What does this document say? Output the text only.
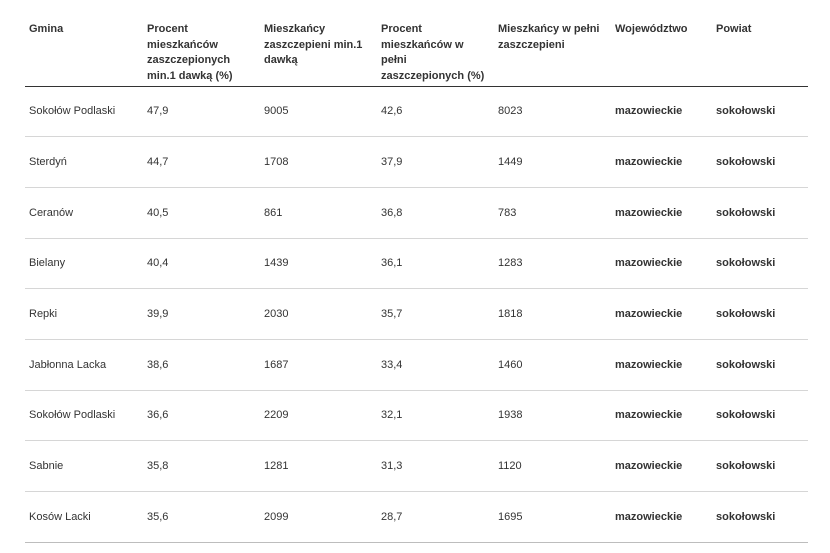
Gmina	Procent mieszkańców zaszczepionych min.1 dawką (%)	Mieszkańcy zaszczepieni min.1 dawką	Procent mieszkańców w pełni zaszczepionych (%)	Mieszkańcy w pełni zaszczepieni	Województwo	Powiat
Sokołów Podlaski	47,9	9005	42,6	8023	mazowieckie	sokołowski
Sterdyń	44,7	1708	37,9	1449	mazowieckie	sokołowski
Ceranów	40,5	861	36,8	783	mazowieckie	sokołowski
Bielany	40,4	1439	36,1	1283	mazowieckie	sokołowski
Repki	39,9	2030	35,7	1818	mazowieckie	sokołowski
Jabłonna Lacka	38,6	1687	33,4	1460	mazowieckie	sokołowski
Sokołów Podlaski	36,6	2209	32,1	1938	mazowieckie	sokołowski
Sabnie	35,8	1281	31,3	1120	mazowieckie	sokołowski
Kosów Lacki	35,6	2099	28,7	1695	mazowieckie	sokołowski
